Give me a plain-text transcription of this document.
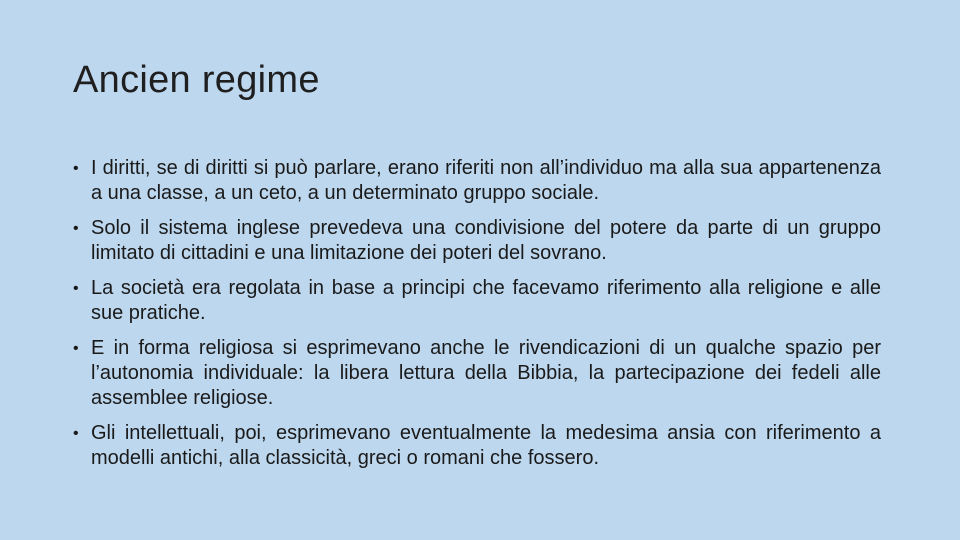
Ancien regime
• I diritti, se di diritti si può parlare, erano riferiti non all’individuo ma alla sua appartenenza a una classe, a un ceto, a un determinato gruppo sociale.
• Solo il sistema inglese prevedeva una condivisione del potere da parte di un gruppo limitato di cittadini e una limitazione dei poteri del sovrano.
• La società era regolata in base a principi che facevamo riferimento alla religione e alle sue pratiche.
• E in forma religiosa si esprimevano anche le rivendicazioni di un qualche spazio per l’autonomia individuale: la libera lettura della Bibbia, la partecipazione dei fedeli alle assemblee religiose.
• Gli intellettuali, poi, esprimevano eventualmente la medesima ansia con riferimento a modelli antichi, alla classicità, greci o romani che fossero.
